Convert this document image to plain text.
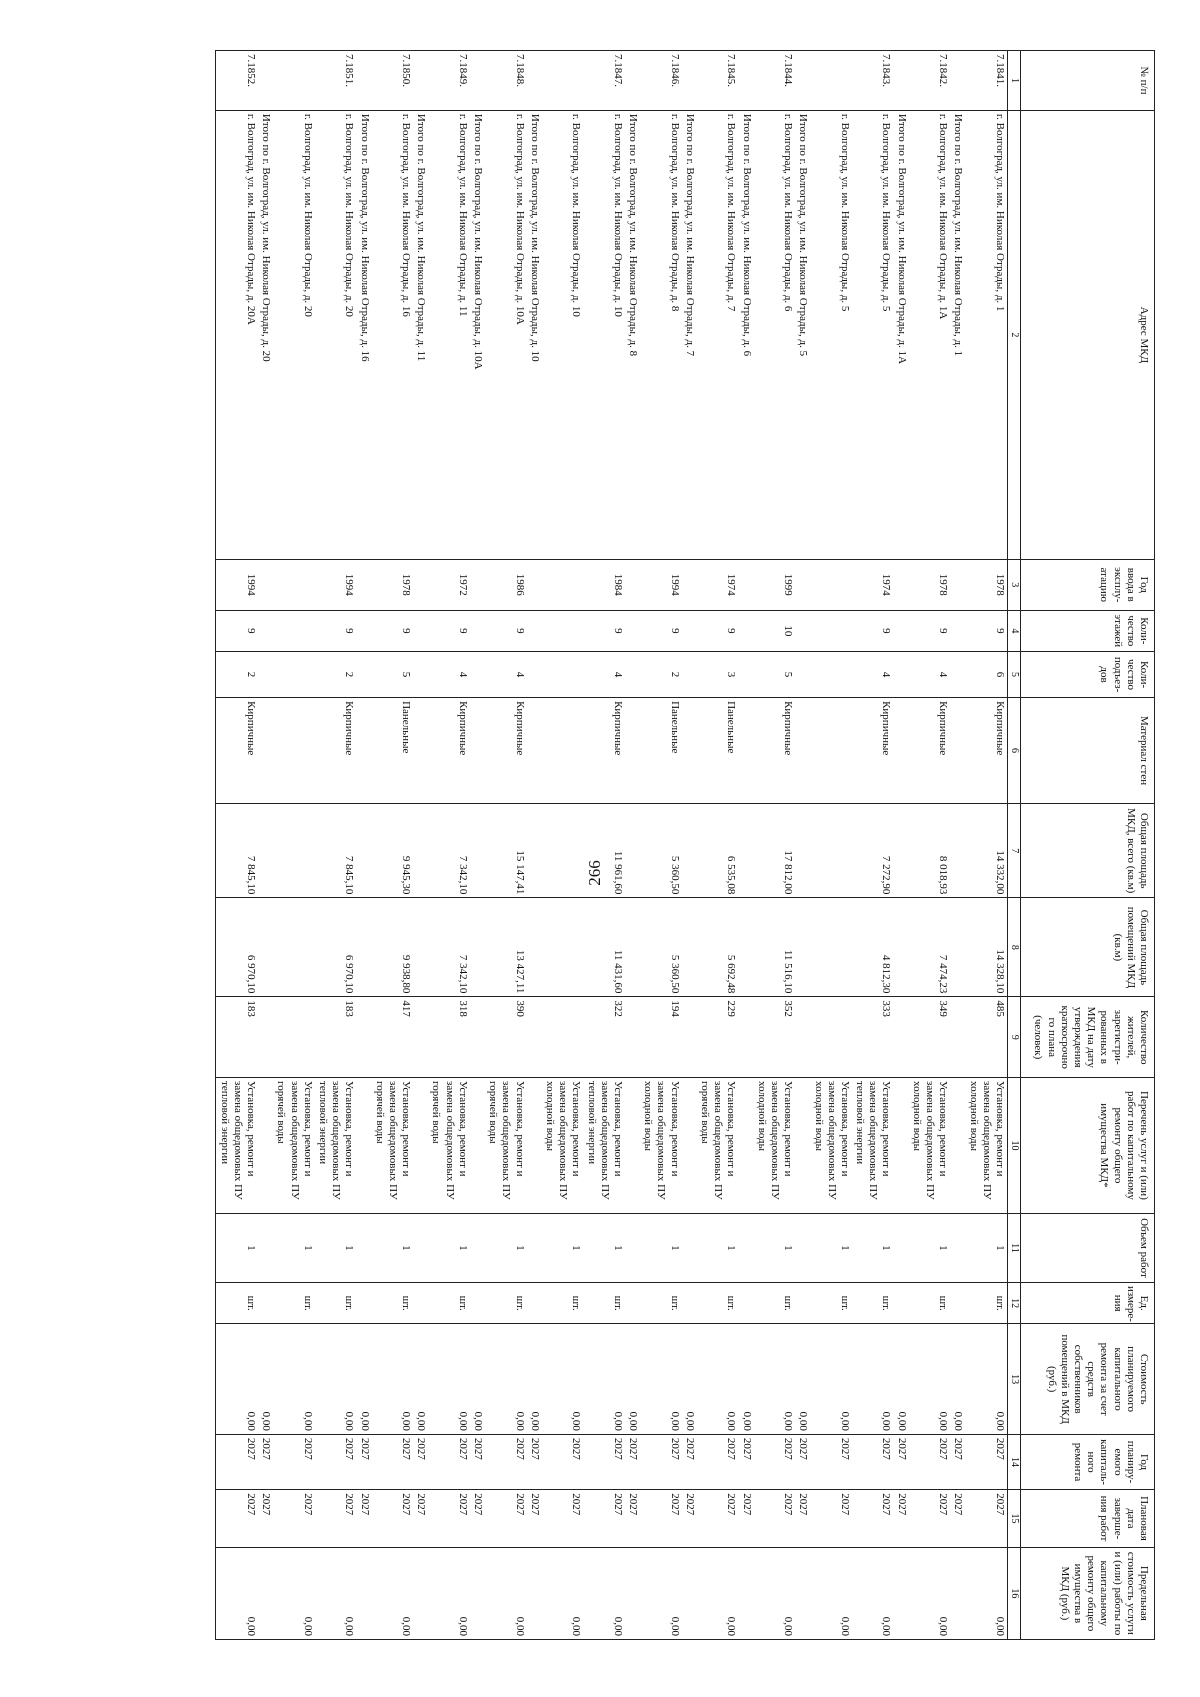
266
№ п/п	Адрес МКД	Год ввода в эксплу-атацию	Коли-чество этажей	Коли-чество подъез-дов	Материал стен	Общая площадь МКД, всего (кв.м)	Общая площадь помещений МКД (кв.м)	Количество жителей, зарегистри-рованных в МКД на дату утверждения краткосрочно го плана (человек)	Перечень услуг и (или) работ по капитальному ремонту общего имущества МКД*	Объем работ	Ед. измере-ния	Стоимость планируемого капитального ремонта за счет средств собственников помещений в МКД (руб.)	Год планиру-емого капиталь-ного ремонта	Плановая дата заверше-ния работ	Предельная стоимость услуги и (или) работы по капитальному ремонту общего имущества в МКД (руб.)
1	2	3	4	5	6	7	8	9	10	11	12	13	14	15	16
7.1841.	г. Волгоград, ул. им. Николая Отрады, д. 1	1978	9	6	Кирпичные	14 332,00	14 328,10	485	Установка, ремонт и замена общедомовых ПУ холодной воды	1	шт.	0,00	2027	2027	0,00
	Итого по г. Волгоград, ул. им. Николая Отрады, д. 1											0,00	2027	2027	
7.1842.	г. Волгоград, ул. им. Николая Отрады, д. 1А	1978	9	4	Кирпичные	8 018,93	7 474,23	349	Установка, ремонт и замена общедомовых ПУ холодной воды	1	шт.	0,00	2027	2027	0,00
	Итого по г. Волгоград, ул. им. Николая Отрады, д. 1А											0,00	2027	2027	
7.1843.	г. Волгоград, ул. им. Николая Отрады, д. 5	1974	9	4	Кирпичные	7 272,90	4 812,30	333	Установка, ремонт и замена общедомовых ПУ тепловой энергии	1	шт.	0,00	2027	2027	0,00
	г. Волгоград, ул. им. Николая Отрады, д. 5								Установка, ремонт и замена общедомовых ПУ холодной воды	1	шт.	0,00	2027	2027	0,00
	Итого по г. Волгоград, ул. им. Николая Отрады, д. 5											0,00	2027	2027	
7.1844.	г. Волгоград, ул. им. Николая Отрады, д. 6	1999	10	5	Кирпичные	17 812,00	11 516,10	352	Установка, ремонт и замена общедомовых ПУ холодной воды	1	шт.	0,00	2027	2027	0,00
	Итого по г. Волгоград, ул. им. Николая Отрады, д. 6											0,00	2027	2027	
7.1845.	г. Волгоград, ул. им. Николая Отрады, д. 7	1974	9	3	Панельные	6 535,08	5 692,48	229	Установка, ремонт и замена общедомовых ПУ горячей воды	1	шт.	0,00	2027	2027	0,00
	Итого по г. Волгоград, ул. им. Николая Отрады, д. 7											0,00	2027	2027	
7.1846.	г. Волгоград, ул. им. Николая Отрады, д. 8	1994	9	2	Панельные	5 360,50	5 360,50	194	Установка, ремонт и замена общедомовых ПУ холодной воды	1	шт.	0,00	2027	2027	0,00
	Итого по г. Волгоград, ул. им. Николая Отрады, д. 8											0,00	2027	2027	
7.1847.	г. Волгоград, ул. им. Николая Отрады, д. 10	1984	9	4	Кирпичные	11 961,60	11 431,60	322	Установка, ремонт и замена общедомовых ПУ тепловой энергии	1	шт.	0,00	2027	2027	0,00
	г. Волгоград, ул. им. Николая Отрады, д. 10								Установка, ремонт и замена общедомовых ПУ холодной воды	1	шт.	0,00	2027	2027	0,00
	Итого по г. Волгоград, ул. им. Николая Отрады, д. 10											0,00	2027	2027	
7.1848.	г. Волгоград, ул. им. Николая Отрады, д. 10А	1986	9	4	Кирпичные	15 147,41	13 427,11	390	Установка, ремонт и замена общедомовых ПУ горячей воды	1	шт.	0,00	2027	2027	0,00
	Итого по г. Волгоград, ул. им. Николая Отрады, д. 10А											0,00	2027	2027	
7.1849.	г. Волгоград, ул. им. Николая Отрады, д. 11	1972	9	4	Кирпичные	7 342,10	7 342,10	318	Установка, ремонт и замена общедомовых ПУ горячей воды	1	шт.	0,00	2027	2027	0,00
	Итого по г. Волгоград, ул. им. Николая Отрады, д. 11											0,00	2027	2027	
7.1850.	г. Волгоград, ул. им. Николая Отрады, д. 16	1978	9	5	Панельные	9 945,30	9 938,80	417	Установка, ремонт и замена общедомовых ПУ горячей воды	1	шт.	0,00	2027	2027	0,00
	Итого по г. Волгоград, ул. им. Николая Отрады, д. 16											0,00	2027	2027	
7.1851.	г. Волгоград, ул. им. Николая Отрады, д. 20	1994	9	2	Кирпичные	7 845,10	6 970,10	183	Установка, ремонт и замена общедомовых ПУ тепловой энергии	1	шт.	0,00	2027	2027	0,00
	г. Волгоград, ул. им. Николая Отрады, д. 20								Установка, ремонт и замена общедомовых ПУ горячей воды	1	шт.	0,00	2027	2027	0,00
	Итого по г. Волгоград, ул. им. Николая Отрады, д. 20											0,00	2027	2027	
7.1852.	г. Волгоград, ул. им. Николая Отрады, д. 20А	1994	9	2	Кирпичные	7 845,10	6 970,10	183	Установка, ремонт и замена общедомовых ПУ тепловой энергии	1	шт.	0,00	2027	2027	0,00
